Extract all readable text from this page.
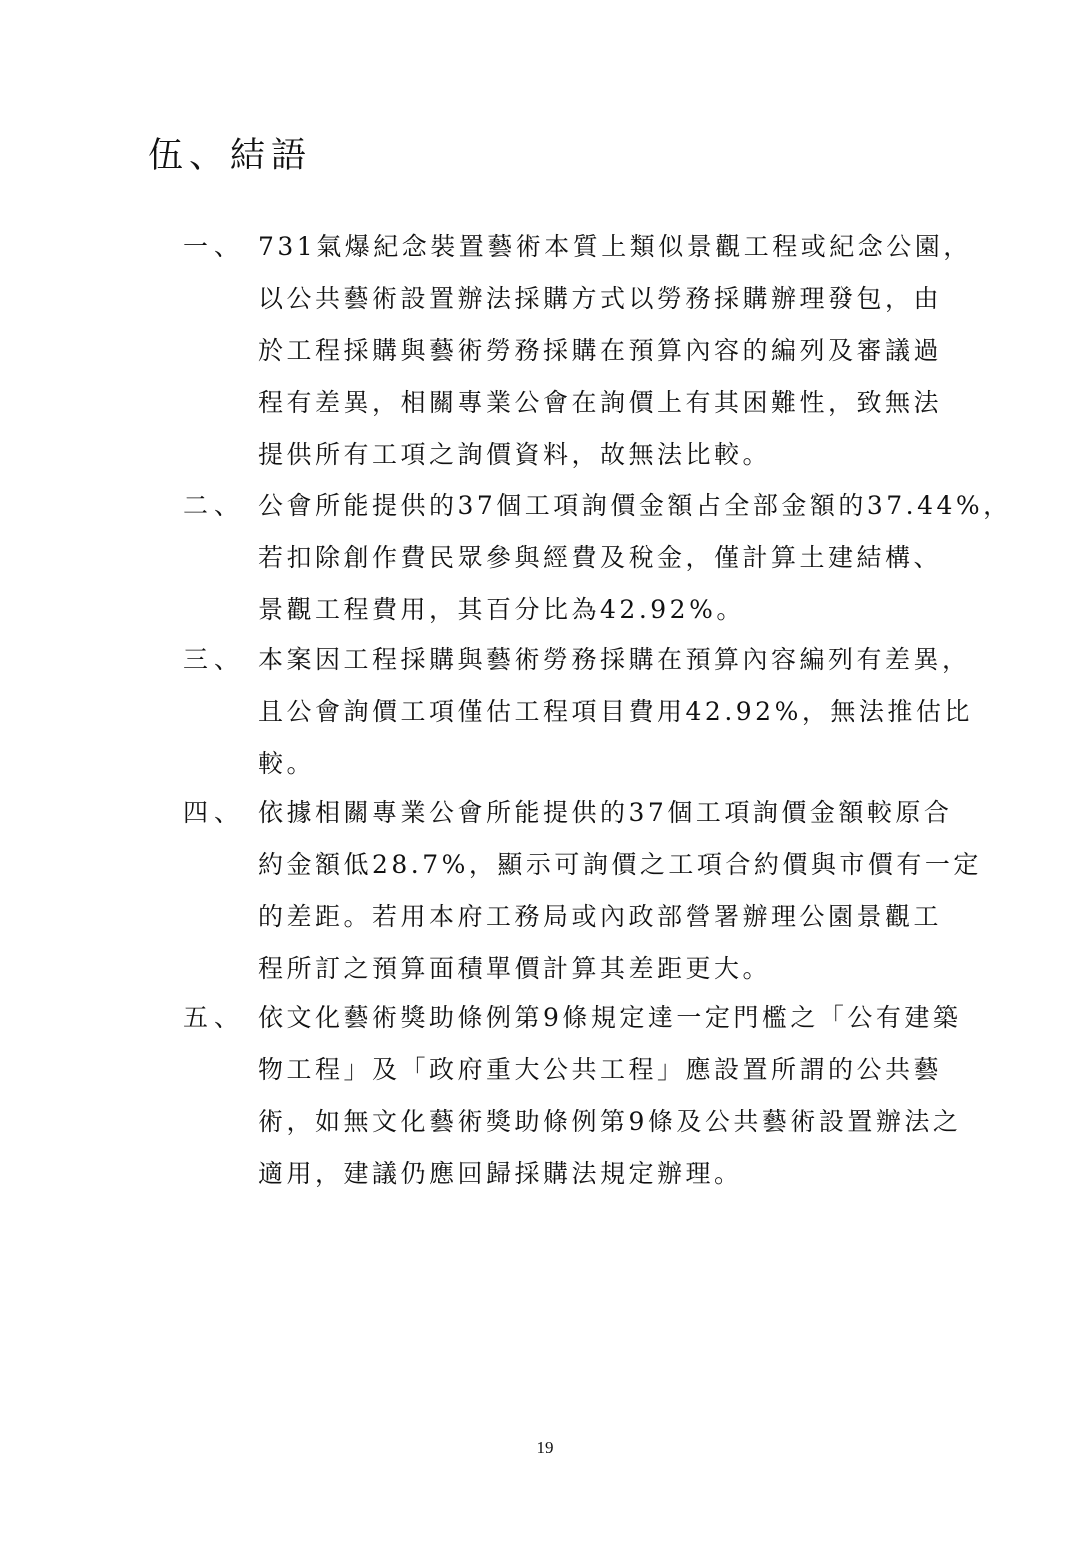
伍、結語
一、 731氣爆紀念裝置藝術本質上類似景觀工程或紀念公園，
以公共藝術設置辦法採購方式以勞務採購辦理發包，由
於工程採購與藝術勞務採購在預算內容的編列及審議過
程有差異，相關專業公會在詢價上有其困難性，致無法
提供所有工項之詢價資料，故無法比較。
二、 公會所能提供的37個工項詢價金額占全部金額的37.44%，
若扣除創作費民眾參與經費及稅金，僅計算土建結構、
景觀工程費用，其百分比為42.92%。
三、 本案因工程採購與藝術勞務採購在預算內容編列有差異，
且公會詢價工項僅估工程項目費用42.92%，無法推估比
較。
四、 依據相關專業公會所能提供的37個工項詢價金額較原合
約金額低28.7%，顯示可詢價之工項合約價與市價有一定
的差距。若用本府工務局或內政部營署辦理公園景觀工
程所訂之預算面積單價計算其差距更大。
五、 依文化藝術獎助條例第9條規定達一定門檻之「公有建築
物工程」及「政府重大公共工程」應設置所謂的公共藝
術，如無文化藝術獎助條例第9條及公共藝術設置辦法之
適用，建議仍應回歸採購法規定辦理。
19
